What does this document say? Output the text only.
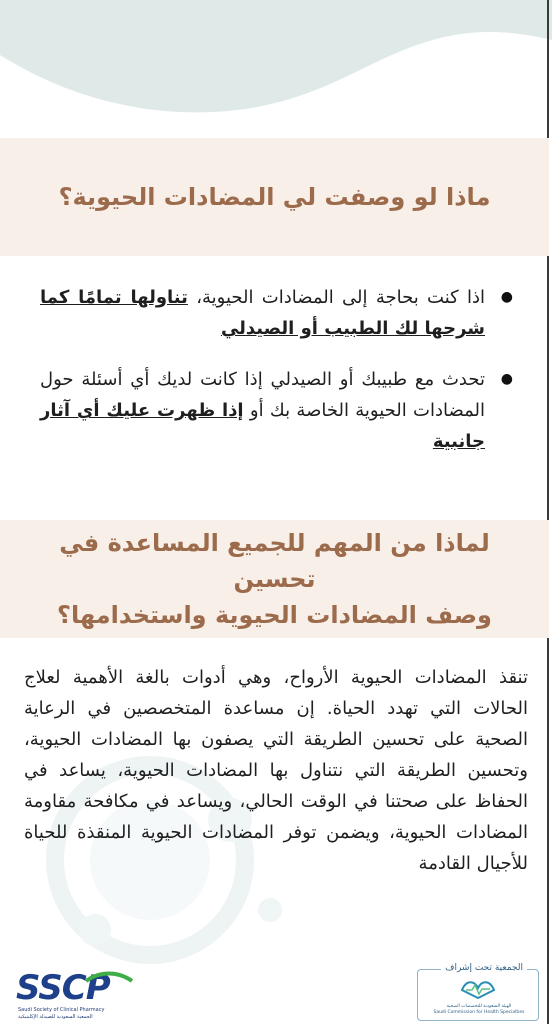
ماذا لو وصفت لي المضادات الحيوية؟
●
اذا كنت بحاجة إلى المضادات الحيوية، تناولها تمامًا كما شرحها لك الطبيب أو الصيدلي
●
تحدث مع طبيبك أو الصيدلي إذا كانت لديك أي أسئلة حول المضادات الحيوية الخاصة بك أو إذا ظهرت عليك أي آثار جانبية
لماذا من المهم للجميع المساعدة في تحسين
وصف المضادات الحيوية واستخدامها؟

تنقذ المضادات الحيوية الأرواح، وهي أدوات بالغة الأهمية لعلاج الحالات التي تهدد الحياة. إن مساعدة المتخصصين في الرعاية الصحية على تحسين الطريقة التي يصفون بها المضادات الحيوية، وتحسين الطريقة التي نتناول بها المضادات الحيوية، يساعد في الحفاظ على صحتنا في الوقت الحالي، ويساعد في مكافحة مقاومة المضادات الحيوية، ويضمن توفر المضادات الحيوية المنقذة للحياة للأجيال القادمة

SSCP
Saudi Society of Clinical Pharmacy
الجمعية السعودية للصيدلة الإكلينيكية
الهيئة السعودية للتخصصات الصحية
Saudi Commission for Health Specialties
الجمعية تحت إشراف
